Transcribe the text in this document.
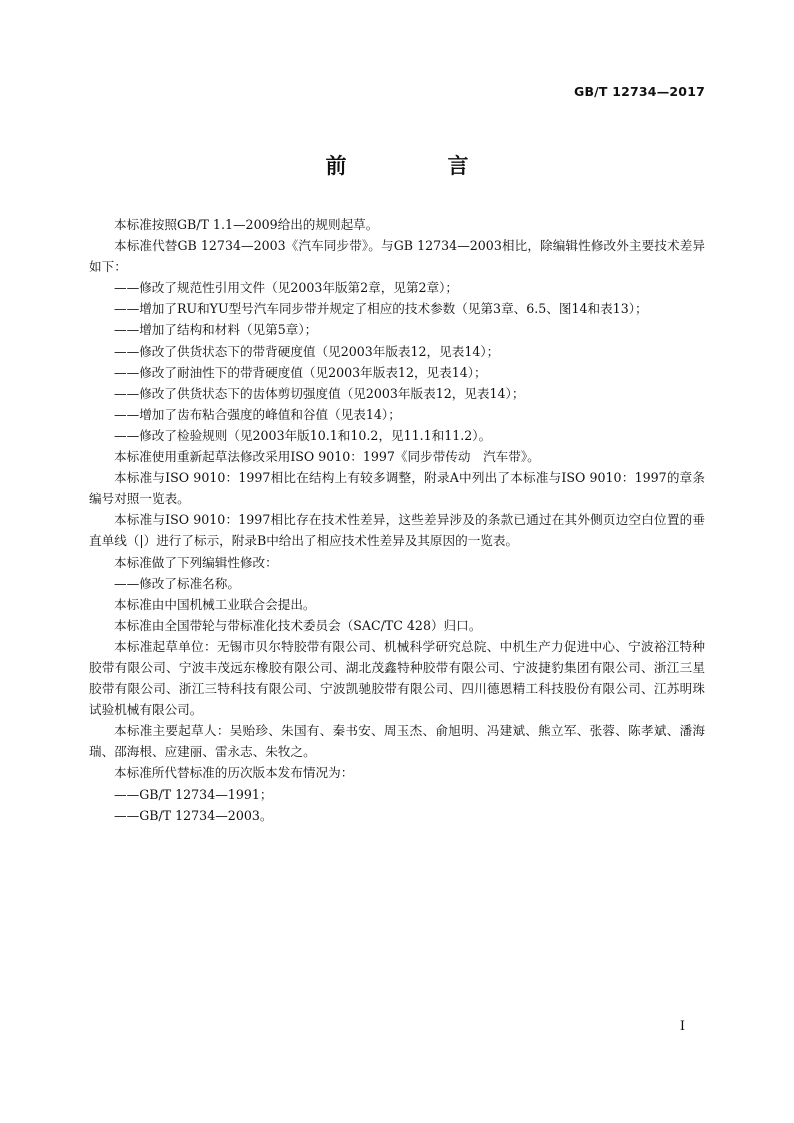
GB/T 12734—2017
前　言

本标准按照GB/T 1.1—2009给出的规则起草。

本标准代替GB 12734—2003《汽车同步带》。与GB 12734—2003相比，除编辑性修改外主要技术差异如下：

——修改了规范性引用文件（见2003年版第2章，见第2章）；

——增加了RU和YU型号汽车同步带并规定了相应的技术参数（见第3章、6.5、图14和表13）；

——增加了结构和材料（见第5章）；

——修改了供货状态下的带背硬度值（见2003年版表12，见表14）；

——修改了耐油性下的带背硬度值（见2003年版表12，见表14）；

——修改了供货状态下的齿体剪切强度值（见2003年版表12，见表14）；

——增加了齿布粘合强度的峰值和谷值（见表14）；

——修改了检验规则（见2003年版10.1和10.2，见11.1和11.2）。

本标准使用重新起草法修改采用ISO 9010：1997《同步带传动　汽车带》。

本标准与ISO 9010：1997相比在结构上有较多调整，附录A中列出了本标准与ISO 9010：1997的章条编号对照一览表。

本标准与ISO 9010：1997相比存在技术性差异，这些差异涉及的条款已通过在其外侧页边空白位置的垂直单线（|）进行了标示，附录B中给出了相应技术性差异及其原因的一览表。

本标准做了下列编辑性修改：

——修改了标准名称。

本标准由中国机械工业联合会提出。

本标准由全国带轮与带标准化技术委员会（SAC/TC 428）归口。

本标准起草单位：无锡市贝尔特胶带有限公司、机械科学研究总院、中机生产力促进中心、宁波裕江特种胶带有限公司、宁波丰茂远东橡胶有限公司、湖北茂鑫特种胶带有限公司、宁波捷豹集团有限公司、浙江三星胶带有限公司、浙江三特科技有限公司、宁波凯驰胶带有限公司、四川德恩精工科技股份有限公司、江苏明珠试验机械有限公司。

本标准主要起草人：吴贻珍、朱国有、秦书安、周玉杰、俞旭明、冯建斌、熊立军、张蓉、陈孝斌、潘海瑞、邵海根、应建丽、雷永志、朱牧之。

本标准所代替标准的历次版本发布情况为：

——GB/T 12734—1991；

——GB/T 12734—2003。

I
